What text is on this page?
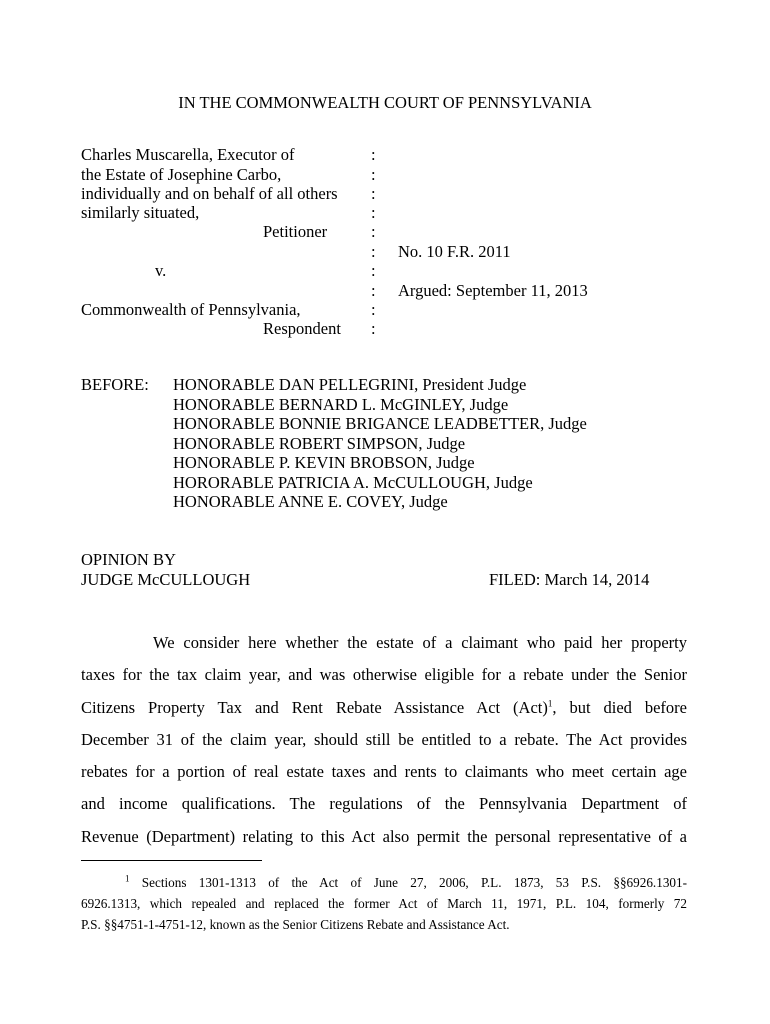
IN THE COMMONWEALTH COURT OF PENNSYLVANIA
Charles Muscarella, Executor of
the Estate of Josephine Carbo,
individually and on behalf of all others
similarly situated,
Petitioner
v.
Commonwealth of Pennsylvania,
Respondent
:
:
:
:
:
:
:
:
:
:
No. 10 F.R. 2011
Argued: September 11, 2013
BEFORE: HONORABLE DAN PELLEGRINI, President Judge
HONORABLE BERNARD L. McGINLEY, Judge
HONORABLE BONNIE BRIGANCE LEADBETTER, Judge
HONORABLE ROBERT SIMPSON, Judge
HONORABLE P. KEVIN BROBSON, Judge
HORORABLE PATRICIA A. McCULLOUGH, Judge
HONORABLE ANNE E. COVEY, Judge
OPINION BY
JUDGE McCULLOUGH	FILED: March 14, 2014
We consider here whether the estate of a claimant who paid her property
taxes for the tax claim year, and was otherwise eligible for a rebate under the Senior
Citizens Property Tax and Rent Rebate Assistance Act (Act)$^1$, but died before
December 31 of the claim year, should still be entitled to a rebate. The Act provides
rebates for a portion of real estate taxes and rents to claimants who meet certain age
and income qualifications. The regulations of the Pennsylvania Department of
Revenue (Department) relating to this Act also permit the personal representative of a
$^1$ Sections 1301-1313 of the Act of June 27, 2006, P.L. 1873, 53 P.S. §§6926.1301-
6926.1313, which repealed and replaced the former Act of March 11, 1971, P.L. 104, formerly 72
P.S. §§4751-1-4751-12, known as the Senior Citizens Rebate and Assistance Act.
